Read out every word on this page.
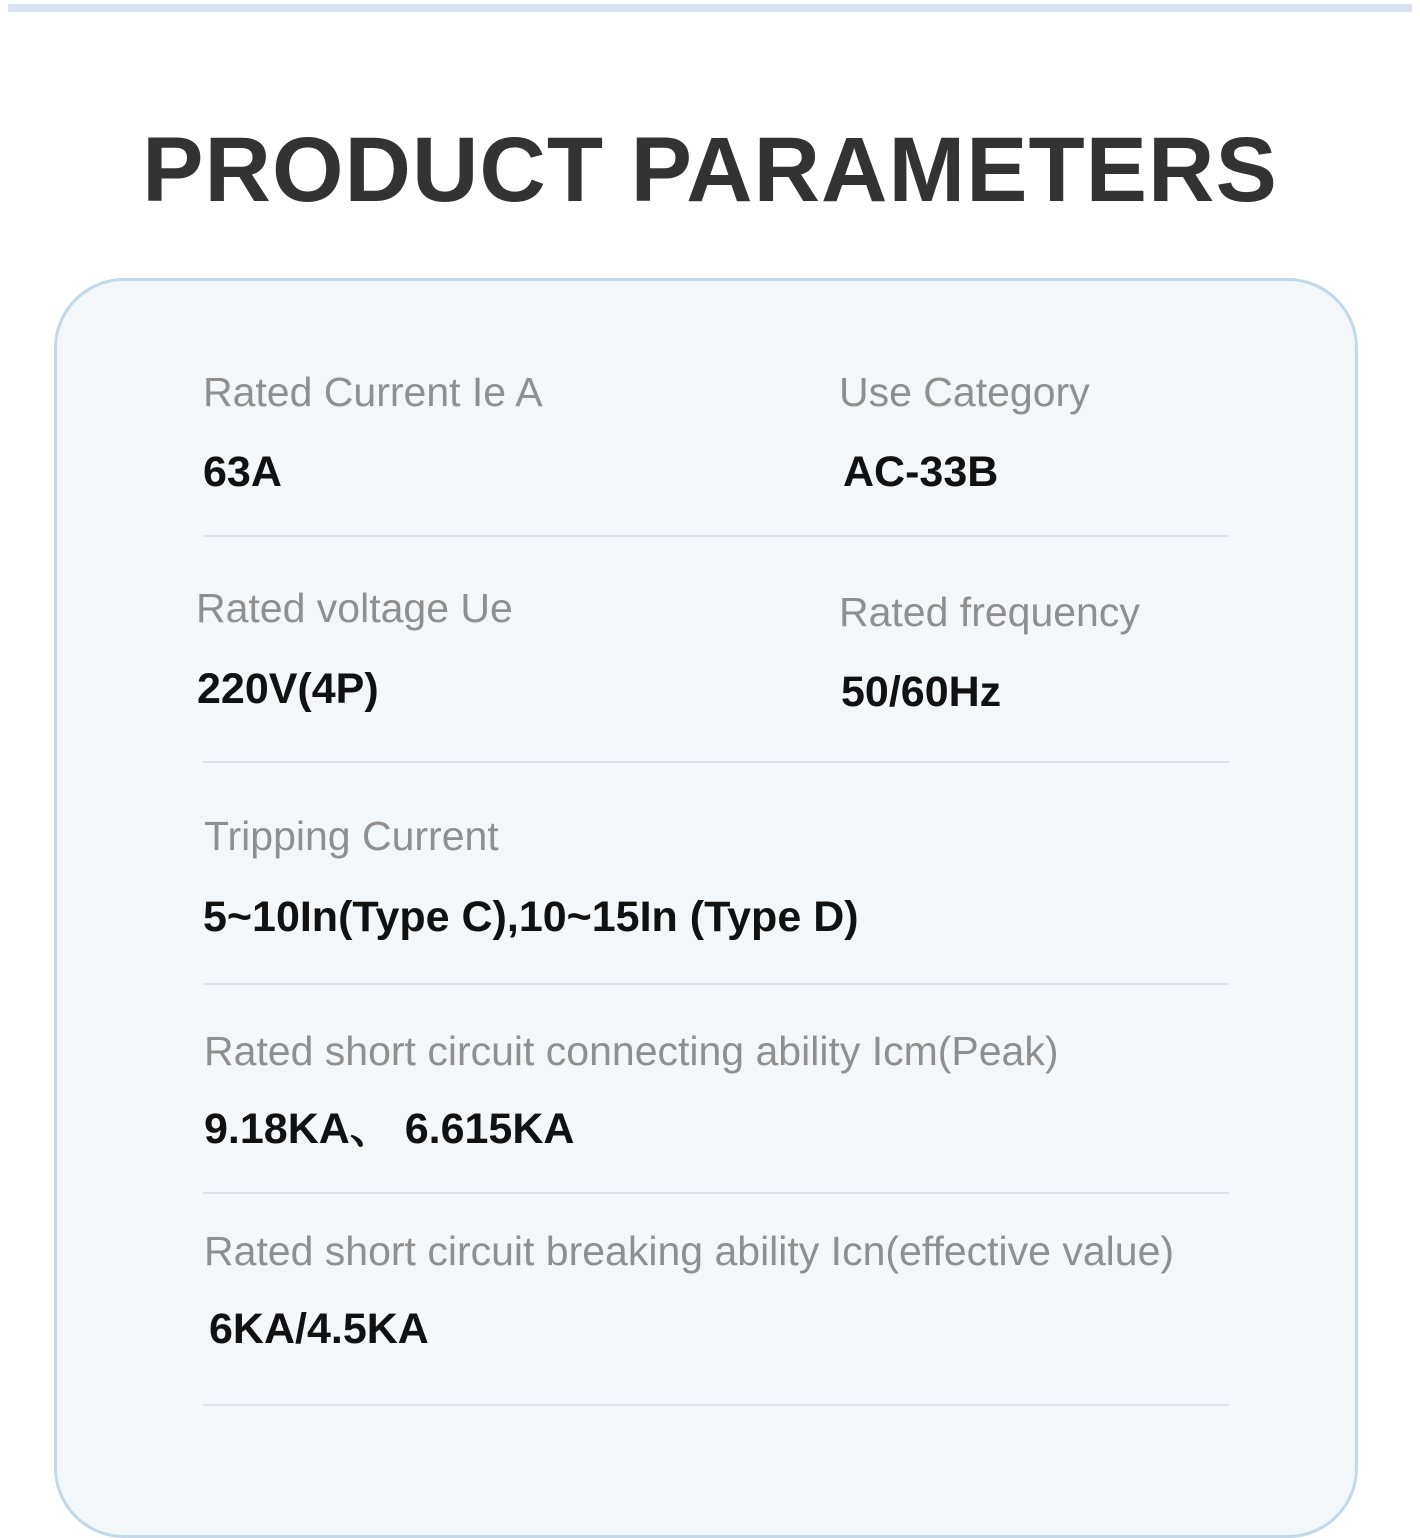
PRODUCT PARAMETERS
Rated Current Ie A
63A
Use Category
AC-33B
Rated voltage Ue
220V(4P)
Rated frequency
50/60Hz
Tripping Current
5~10In(Type C),10~15In (Type D)
Rated short circuit connecting ability Icm(Peak)
9.18KA、 6.615KA
Rated short circuit breaking ability Icn(effective value)
6KA/4.5KA
